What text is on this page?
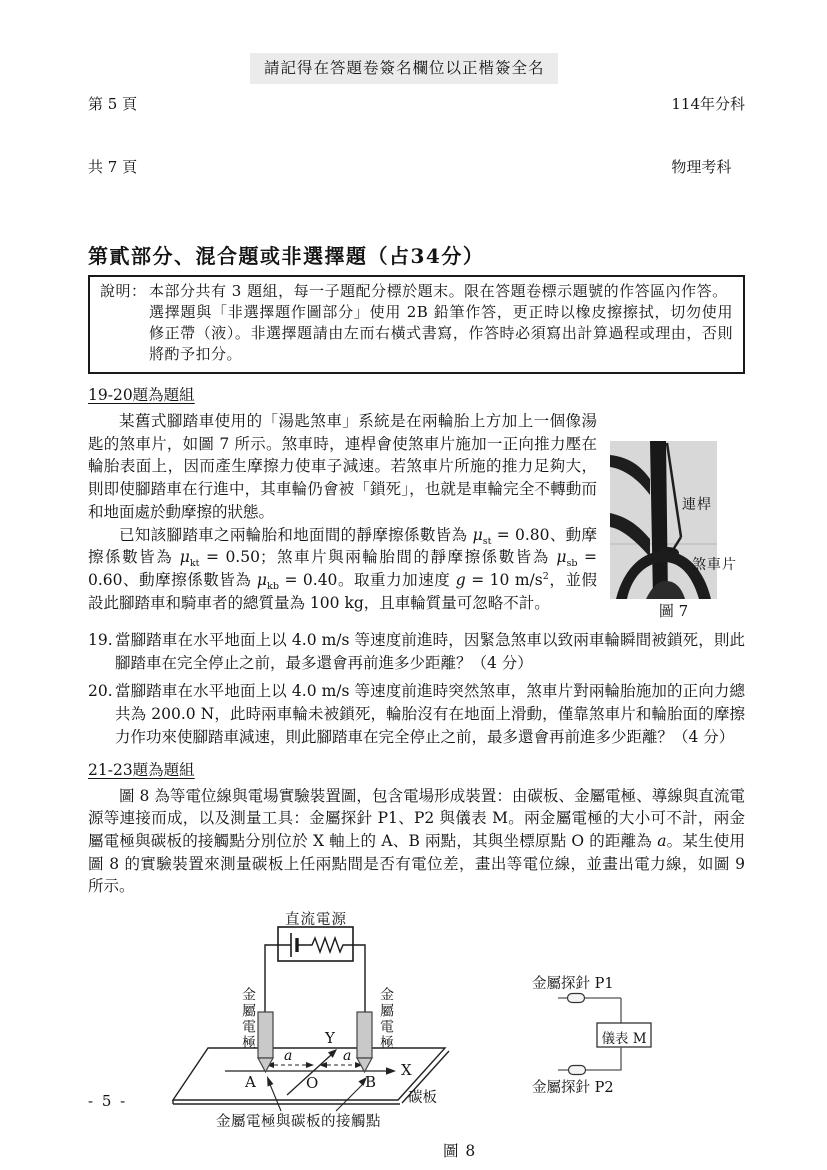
第 5 頁

共 7 頁

請記得在答題卷簽名欄位以正楷簽全名

114年分科

物理考科

第貳部分、混合題或非選擇題（占34分）
說明： 本部分共有 3 題組，每一子題配分標於題末。限在答題卷標示題號的作答區內作答。

選擇題與「非選擇題作圖部分」使用 2B 鉛筆作答，更正時以橡皮擦擦拭，切勿使用修正帶（液）。非選擇題請由左而右橫式書寫，作答時必須寫出計算過程或理由，否則將酌予扣分。

19-20題為題組
連桿
煞車片
圖 7

某舊式腳踏車使用的「湯匙煞車」系統是在兩輪胎上方加上一個像湯匙的煞車片，如圖 7 所示。煞車時，連桿會使煞車片施加一正向推力壓在輪胎表面上，因而產生摩擦力使車子減速。若煞車片所施的推力足夠大，則即使腳踏車在行進中，其車輪仍會被「鎖死」，也就是車輪完全不轉動而和地面處於動摩擦的狀態。

已知該腳踏車之兩輪胎和地面間的靜摩擦係數皆為 $\mu_{st} = 0.80$、動摩擦係數皆為 $\mu_{kt} = 0.50$；煞車片與兩輪胎間的靜摩擦係數皆為 $\mu_{sb} = 0.60$、動摩擦係數皆為 $\mu_{kb} = 0.40$。取重力加速度 g = 10 $m/s^2$，並假設此腳踏車和騎車者的總質量為 100 kg，且車輪質量可忽略不計。

19. 當腳踏車在水平地面上以 4.0 m/s 等速度前進時，因緊急煞車以致兩車輪瞬間被鎖死，則此腳踏車在完全停止之前，最多還會再前進多少距離？（4 分）
20. 當腳踏車在水平地面上以 4.0 m/s 等速度前進時突然煞車，煞車片對兩輪胎施加的正向力總共為 200.0 N，此時兩車輪未被鎖死，輪胎沒有在地面上滑動，僅靠煞車片和輪胎面的摩擦力作功來使腳踏車減速，則此腳踏車在完全停止之前，最多還會再前進多少距離？（4 分）
21-23題為題組

圖 8 為等電位線與電場實驗裝置圖，包含電場形成裝置：由碳板、金屬電極、導線與直流電源等連接而成，以及測量工具：金屬探針 P1、P2 與儀表 M。兩金屬電極的大小可不計，兩金屬電極與碳板的接觸點分別位於 X 軸上的 A、B 兩點，其與坐標原點 O 的距離為 a。某生使用圖 8 的實驗裝置來測量碳板上任兩點間是否有電位差，畫出等電位線，並畫出電力線，如圖 9 所示。

直流電源
金屬電極	金屬電極
Y
X
a	a
A	O	B
碳板
金屬電極與碳板的接觸點
金屬探針 P1
儀表 M
金屬探針 P2
圖 8
- 5 -
